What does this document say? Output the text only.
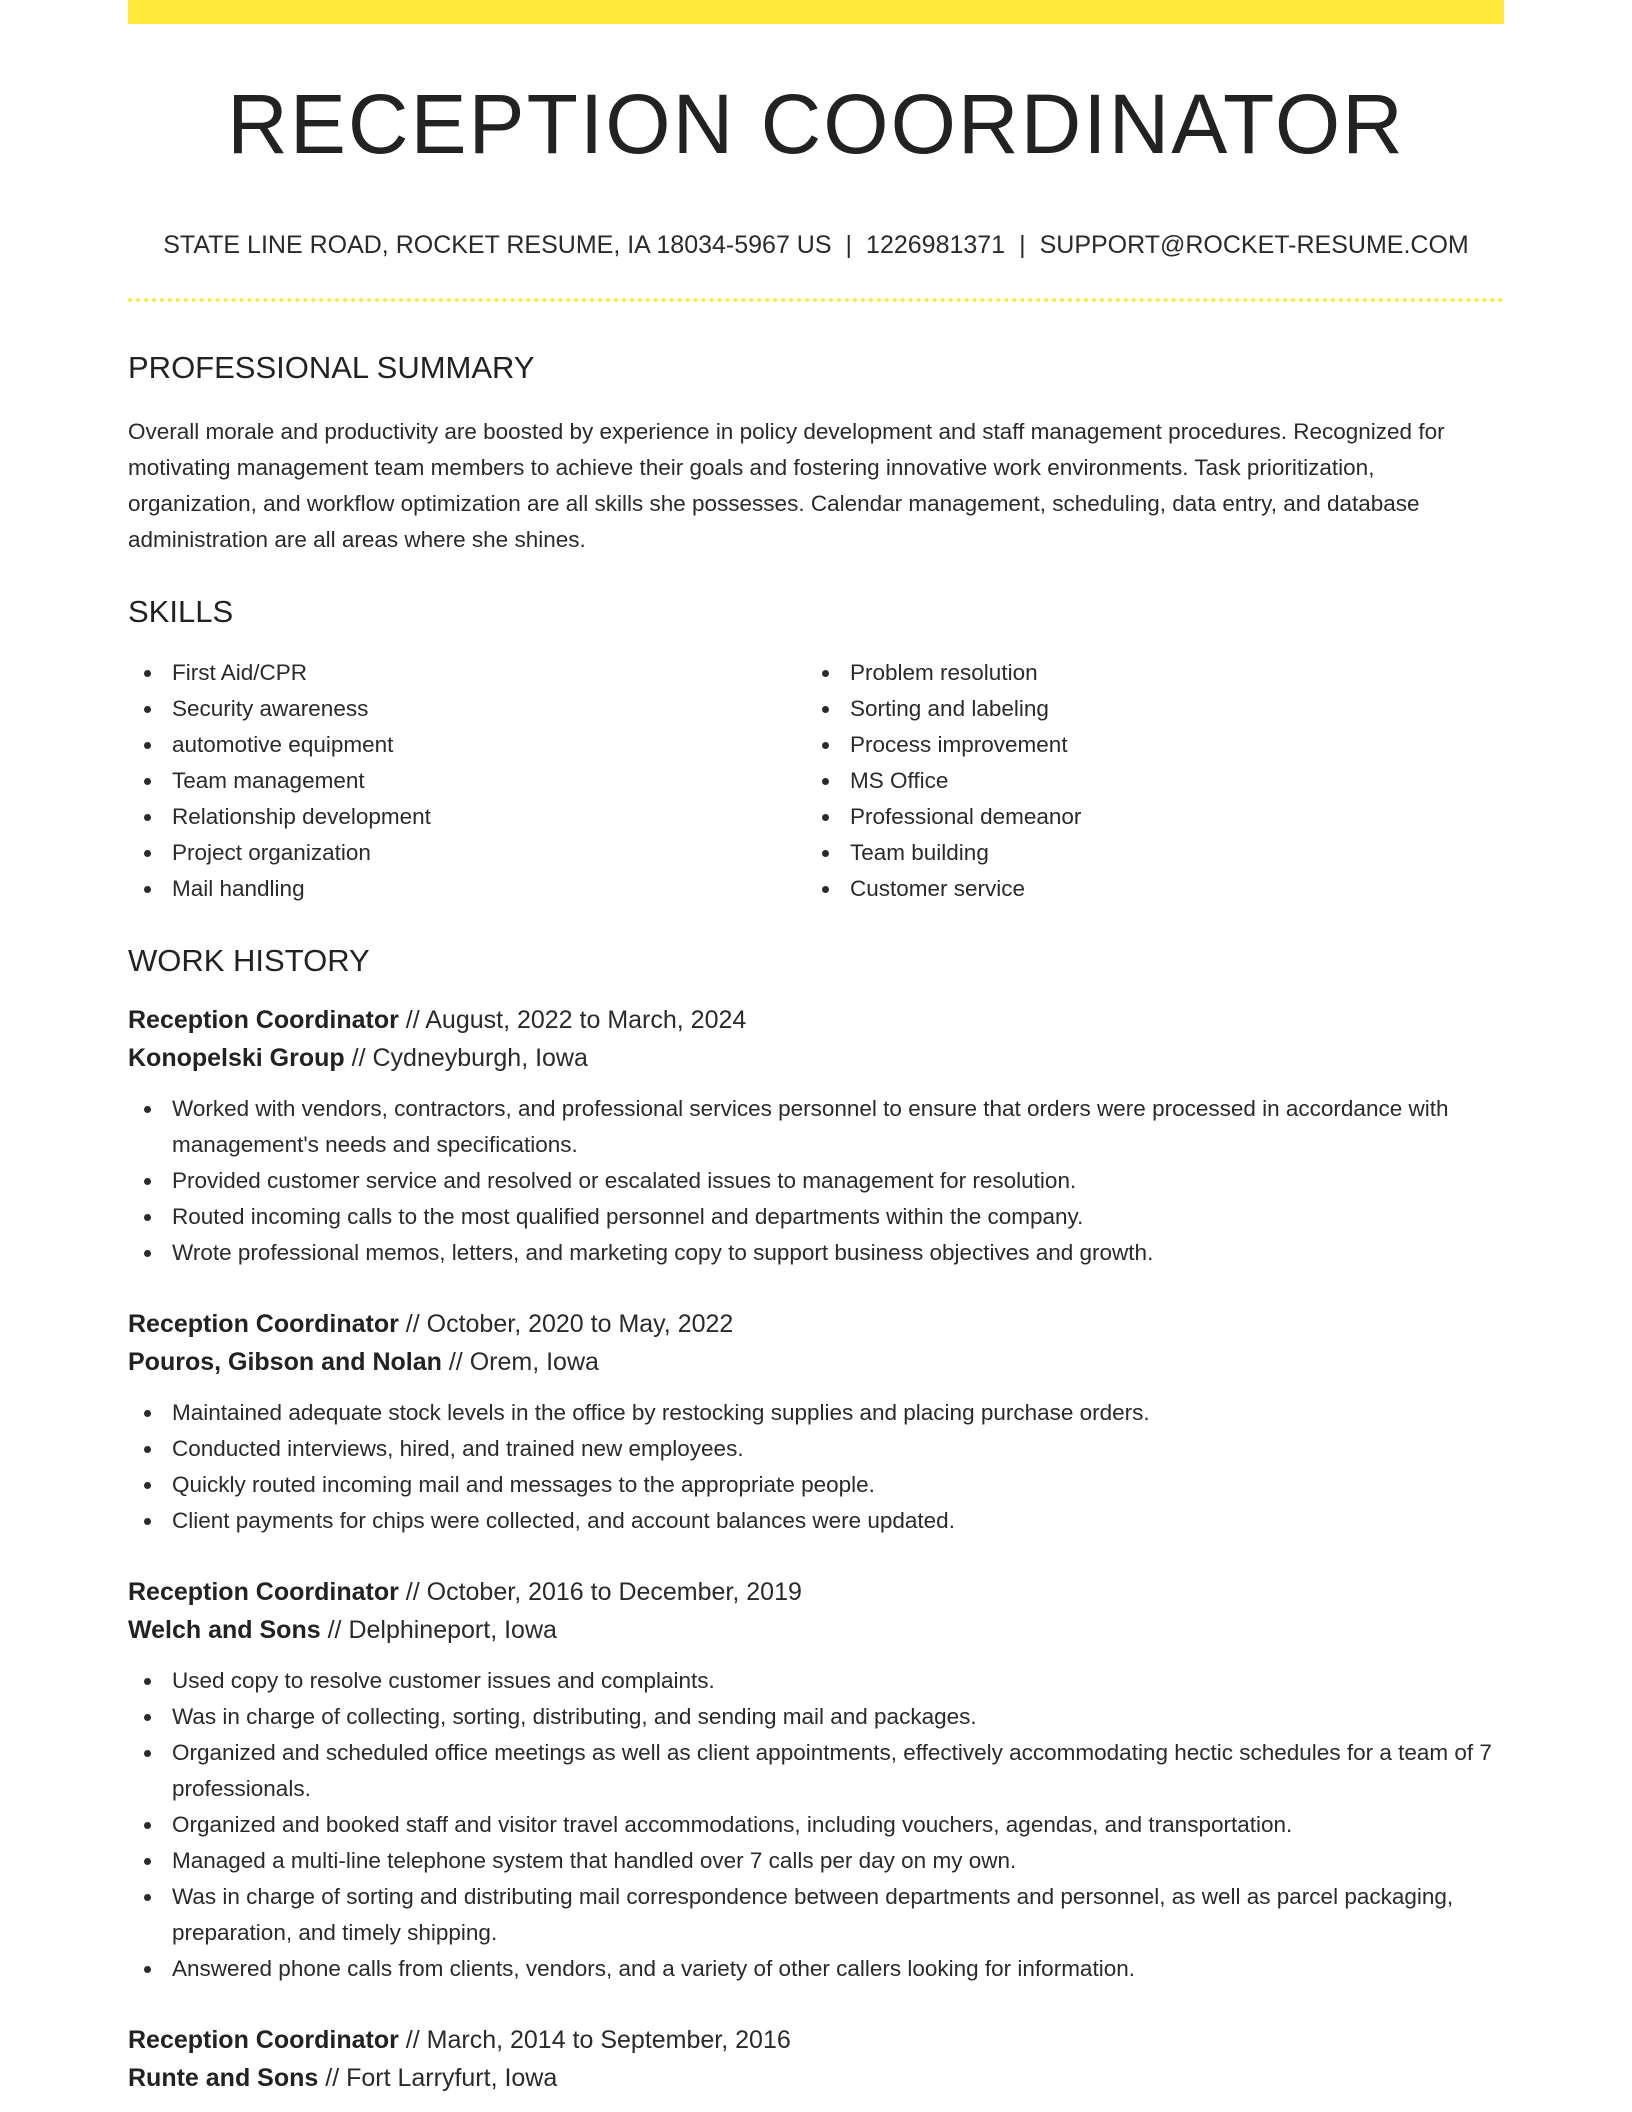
RECEPTION COORDINATOR
STATE LINE ROAD, ROCKET RESUME, IA 18034-5967 US | 1226981371 | SUPPORT@ROCKET-RESUME.COM
PROFESSIONAL SUMMARY
Overall morale and productivity are boosted by experience in policy development and staff management procedures. Recognized for motivating management team members to achieve their goals and fostering innovative work environments. Task prioritization, organization, and workflow optimization are all skills she possesses. Calendar management, scheduling, data entry, and database administration are all areas where she shines.
SKILLS
First Aid/CPR
Security awareness
automotive equipment
Team management
Relationship development
Project organization
Mail handling
Problem resolution
Sorting and labeling
Process improvement
MS Office
Professional demeanor
Team building
Customer service
WORK HISTORY
Reception Coordinator // August, 2022 to March, 2024
Konopelski Group // Cydneyburgh, Iowa
Worked with vendors, contractors, and professional services personnel to ensure that orders were processed in accordance with management's needs and specifications.
Provided customer service and resolved or escalated issues to management for resolution.
Routed incoming calls to the most qualified personnel and departments within the company.
Wrote professional memos, letters, and marketing copy to support business objectives and growth.
Reception Coordinator // October, 2020 to May, 2022
Pouros, Gibson and Nolan // Orem, Iowa
Maintained adequate stock levels in the office by restocking supplies and placing purchase orders.
Conducted interviews, hired, and trained new employees.
Quickly routed incoming mail and messages to the appropriate people.
Client payments for chips were collected, and account balances were updated.
Reception Coordinator // October, 2016 to December, 2019
Welch and Sons // Delphineport, Iowa
Used copy to resolve customer issues and complaints.
Was in charge of collecting, sorting, distributing, and sending mail and packages.
Organized and scheduled office meetings as well as client appointments, effectively accommodating hectic schedules for a team of 7 professionals.
Organized and booked staff and visitor travel accommodations, including vouchers, agendas, and transportation.
Managed a multi-line telephone system that handled over 7 calls per day on my own.
Was in charge of sorting and distributing mail correspondence between departments and personnel, as well as parcel packaging, preparation, and timely shipping.
Answered phone calls from clients, vendors, and a variety of other callers looking for information.
Reception Coordinator // March, 2014 to September, 2016
Runte and Sons // Fort Larryfurt, Iowa
